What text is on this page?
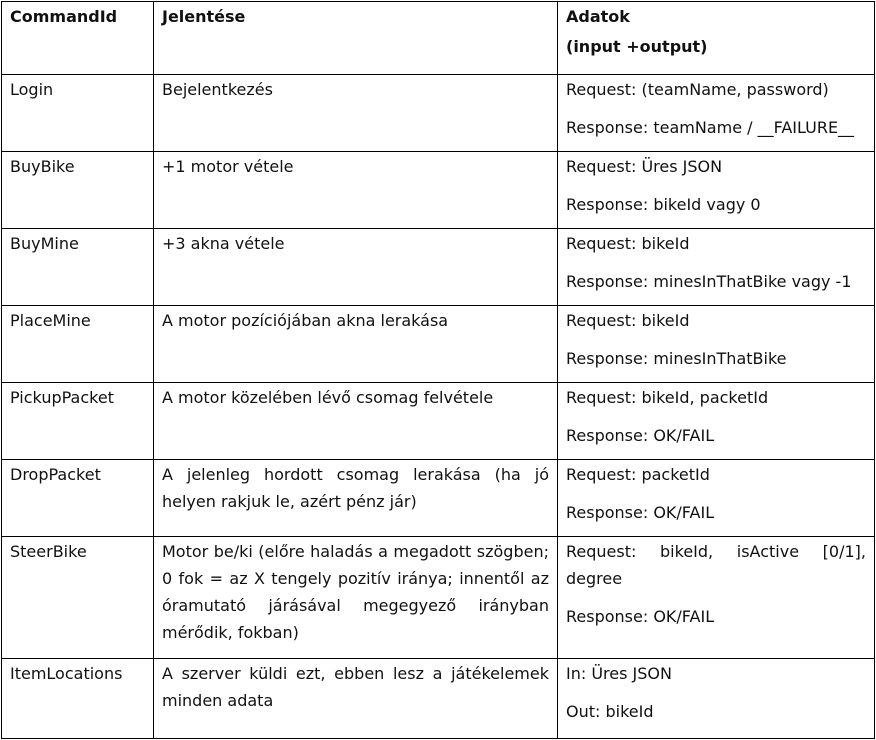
CommandId	Jelentése	Adatok
(input +output)

Login	Bejelentkezés	Request: (teamName, password)
Response: teamName / __FAILURE__

BuyBike	+1 motor vétele	Request: Üres JSON
Response: bikeId vagy 0

BuyMine	+3 akna vétele	Request: bikeId
Response: minesInThatBike vagy -1

PlaceMine	A motor pozíciójában akna lerakása	Request: bikeId
Response: minesInThatBike

PickupPacket	A motor közelében lévő csomag felvétele	Request: bikeId, packetId
Response: OK/FAIL

DropPacket	A jelenleg hordott csomag lerakása (ha jó helyen rakjuk le, azért pénz jár)	Request: packetId
Response: OK/FAIL

SteerBike	Motor be/ki (előre haladás a megadott szögben; 0 fok = az X tengely pozitív iránya; innentől az óramutató járásával megegyező irányban mérődik, fokban)	Request: bikeId, isActive [0/1], degree
Response: OK/FAIL

ItemLocations	A szerver küldi ezt, ebben lesz a játékelemek minden adata	In: Üres JSON
Out: bikeId
